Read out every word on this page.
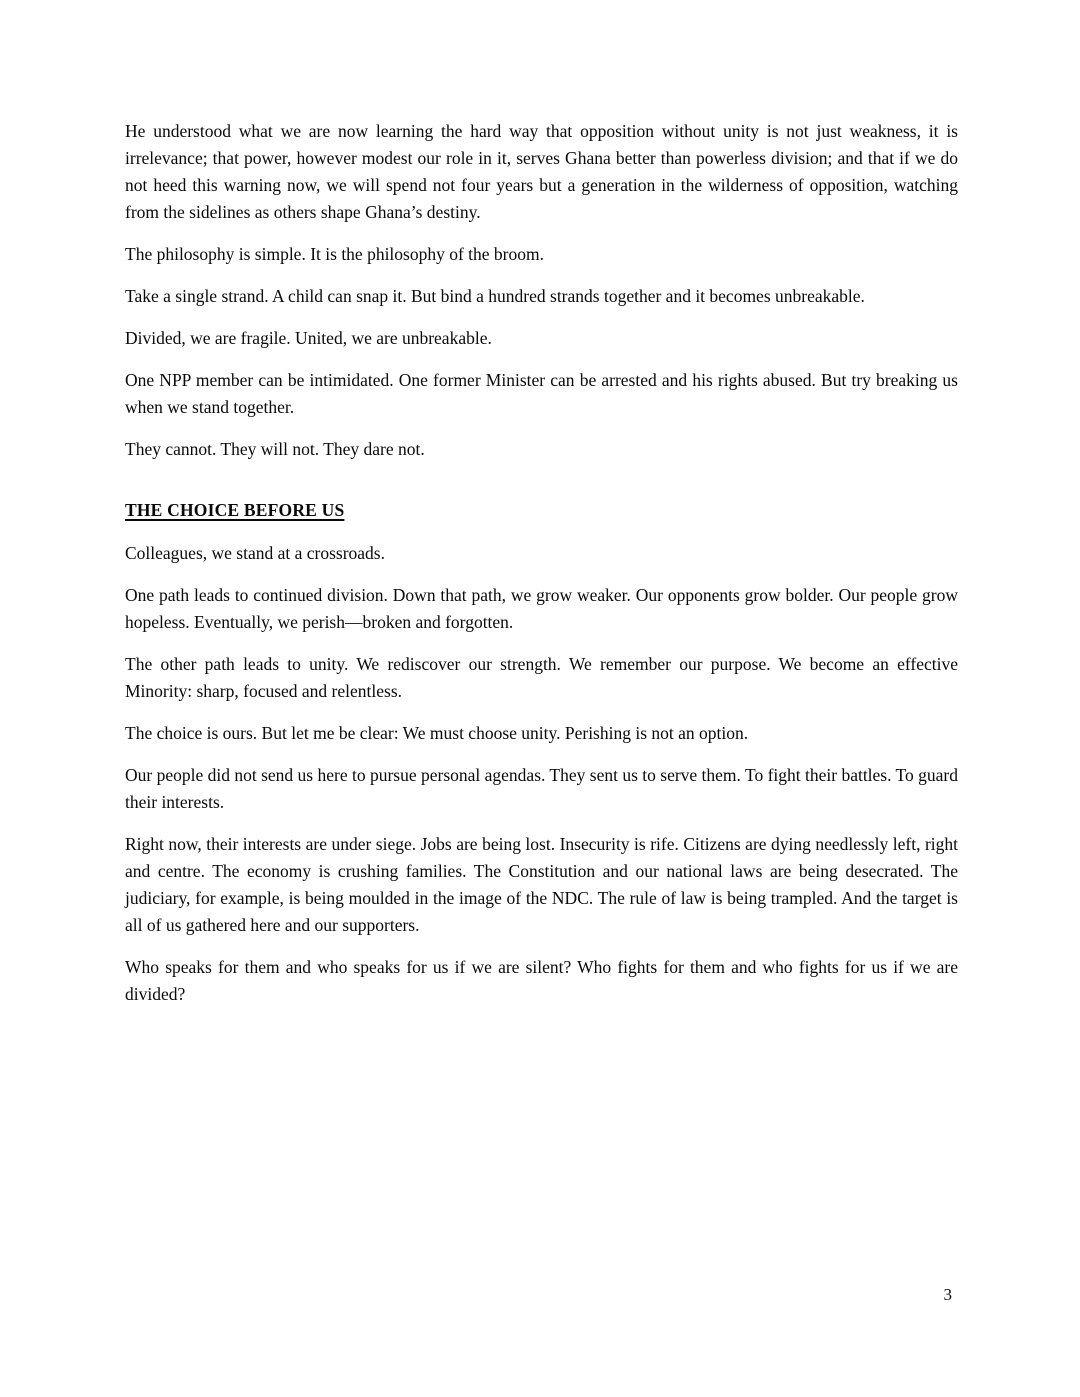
He understood what we are now learning the hard way that opposition without unity is not just weakness, it is irrelevance; that power, however modest our role in it, serves Ghana better than powerless division; and that if we do not heed this warning now, we will spend not four years but a generation in the wilderness of opposition, watching from the sidelines as others shape Ghana’s destiny.

The philosophy is simple. It is the philosophy of the broom.

Take a single strand. A child can snap it. But bind a hundred strands together and it becomes unbreakable.

Divided, we are fragile. United, we are unbreakable.

One NPP member can be intimidated. One former Minister can be arrested and his rights abused. But try breaking us when we stand together.

They cannot. They will not. They dare not.

THE CHOICE BEFORE US

Colleagues, we stand at a crossroads.

One path leads to continued division. Down that path, we grow weaker. Our opponents grow bolder. Our people grow hopeless. Eventually, we perish—broken and forgotten.

The other path leads to unity. We rediscover our strength. We remember our purpose. We become an effective Minority: sharp, focused and relentless.

The choice is ours. But let me be clear: We must choose unity. Perishing is not an option.

Our people did not send us here to pursue personal agendas. They sent us to serve them. To fight their battles. To guard their interests.

Right now, their interests are under siege. Jobs are being lost. Insecurity is rife. Citizens are dying needlessly left, right and centre. The economy is crushing families. The Constitution and our national laws are being desecrated. The judiciary, for example, is being moulded in the image of the NDC. The rule of law is being trampled. And the target is all of us gathered here and our supporters.

Who speaks for them and who speaks for us if we are silent? Who fights for them and who fights for us if we are divided?

3
